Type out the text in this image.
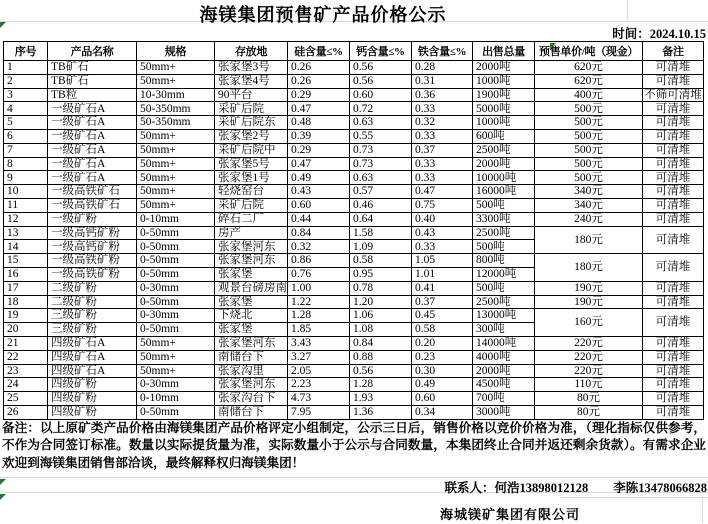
海镁集团预售矿产品价格公示
时间：2024.10.15
序号	产品名称	规格	存放地	硅含量≤%	钙含量≤%	铁含量≤%	出售总量	预售单价/吨（现金）	备注
1	TB矿石	50mm+	张家堡3号	0.26	0.56	0.28	2000吨	620元	可清堆
2	TB矿石	50mm+	张家堡4号	0.26	0.56	0.31	1000吨	620元	可清堆
3	TB粒	10-30mm	90平台	0.29	0.60	0.36	1900吨	400元	不筛可清堆
4	一级矿石A	50-350mm	采矿后院	0.47	0.72	0.33	5000吨	500元	可清堆
5	一级矿石A	50-350mm	采矿后院东	0.48	0.63	0.32	1000吨	500元	可清堆
6	一级矿石A	50mm+	张家堡2号	0.39	0.55	0.33	600吨	500元	可清堆
7	一级矿石A	50mm+	采矿后院中	0.29	0.73	0.37	2500吨	500元	可清堆
8	一级矿石A	50mm+	张家堡5号	0.47	0.73	0.33	2000吨	500元	可清堆
9	一级矿石A	50mm+	张家堡1号	0.49	0.63	0.33	10000吨	500元	可清堆
10	一级高铁矿石	50mm+	轻烧窑台	0.43	0.57	0.47	16000吨	340元	可清堆
11	一级高铁矿石	50mm+	采矿后院	0.60	0.46	0.75	500吨	340元	可清堆
12	一级矿粉	0-10mm	碎石二厂	0.44	0.64	0.40	3300吨	240元	可清堆
13	一级高钙矿粉	0-50mm	房产	0.84	1.58	0.43	2500吨	180元	可清堆
14	一级高钙矿粉	0-50mm	张家堡河东	0.32	1.09	0.33	500吨		
15	一级高铁矿粉	0-50mm	张家堡河东	0.86	0.58	1.05	800吨	180元	可清堆
16	一级高铁矿粉	0-50mm	张家堡	0.76	0.95	1.01	12000吨		
17	二级矿粉	0-30mm	观景台磅房南	1.00	0.78	0.41	500吨	190元	可清堆
18	二级矿粉	0-50mm	张家堡	1.22	1.20	0.37	2500吨	190元	可清堆
19	三级矿粉	0-30mm	下烧北	1.28	1.06	0.45	13000吨	160元	可清堆
20	三级矿粉	0-50mm	张家堡	1.85	1.08	0.58	300吨		
21	四级矿石A	50mm+	张家堡河东	3.43	0.84	0.20	14000吨	220元	可清堆
22	四级矿石A	50mm+	南储台下	3.27	0.88	0.23	4000吨	220元	可清堆
23	四级矿石A	50mm+	张家沟里	2.05	0.56	0.30	2000吨	220元	可清堆
24	四级矿粉	0-30mm	张家堡河东	2.23	1.28	0.49	4500吨	110元	可清堆
25	四级矿粉	0-10mm	张家沟台下	4.73	1.93	0.60	700吨	80元	可清堆
26	四级矿粉	0-50mm	南储台下	7.95	1.36	0.34	3000吨	80元	可清堆
备注：以上原矿类产品价格由海镁集团产品价格评定小组制定，公示三日后，销售价格以竞价价格为准，（理化指标仅供参考，不作为合同签订标准。数量以实际提货量为准，实际数量小于公示与合同数量，本集团终止合同并返还剩余货款）。有需求企业欢迎到海镁集团销售部洽谈，最终解释权归海镁集团！
联系人：何浩13898012128　　李陈13478066828
海城镁矿集团有限公司
